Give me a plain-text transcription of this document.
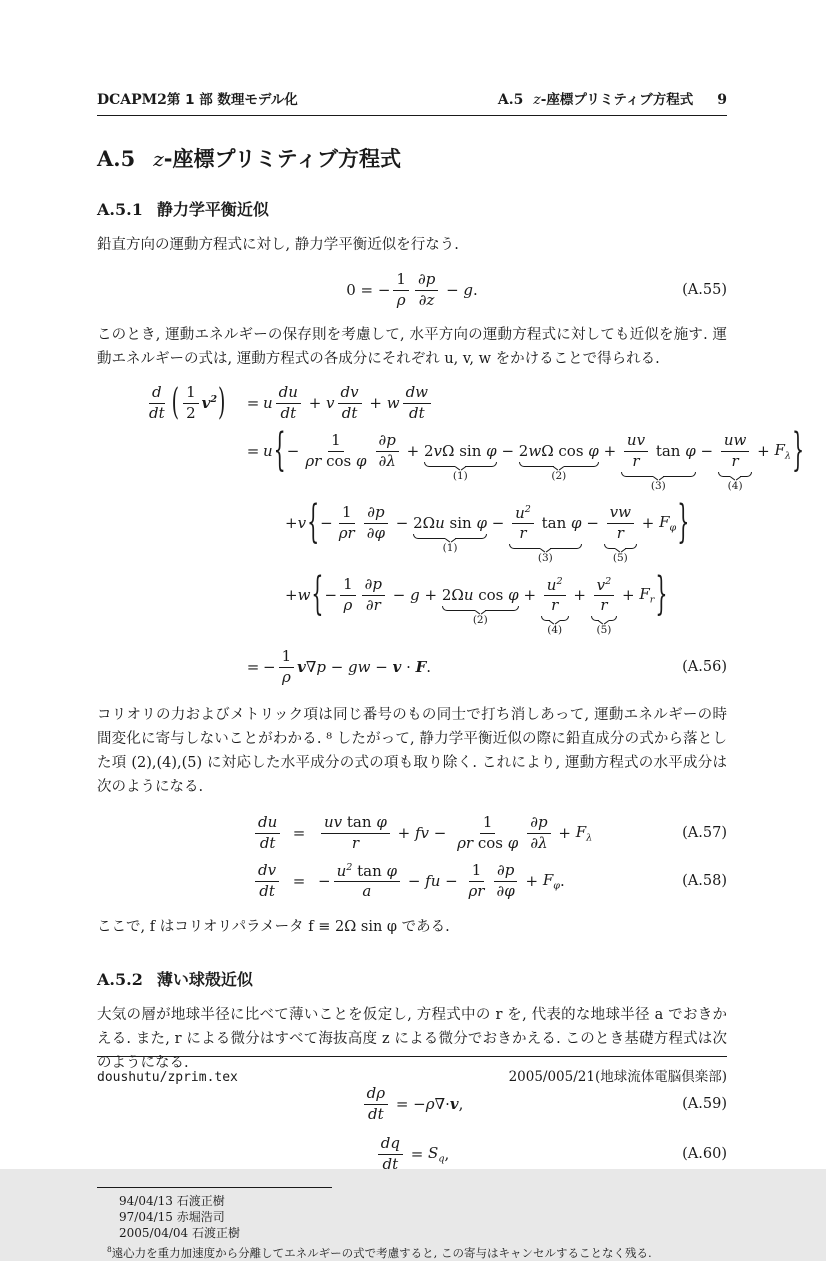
DCAPM2 第 1 部 数理モデル化	A.5 z -座標プリミティブ方程式 9
A.5 z-座標プリミティブ方程式
A.5.1 静力学平衡近似
鉛直方向の運動方程式に対し, 静力学平衡近似を行なう.
0 = − $\frac{1}{\rho} \frac{\partial p}{\partial z} - g$ .	(A.55)
このとき, 運動エネルギーの保存則を考慮して, 水平方向の運動方程式に対しても近似を施す. 運動エネルギーの式は, 運動方程式の各成分にそれぞれ u, v, w をかけることで得られる.
$\frac{d}{dt}$ ( $\frac{1}{2} v^2$ ) = u $\frac{du}{dt} + v \frac{dv}{dt} + w \frac{dw}{dt}$
= u { − $\frac{1}{\text{ρr cos φ}} \frac{\partial p}{\partial\lambda} + 2$ v Ω sin φ
(1)
− 2 w Ω cos φ
(2)
+ $\frac{uv}{r}$ tan φ
(3)
− $\frac{uw}{r}$
(4)
+ $F_\lambda$ }
+ v { − $\frac{1}{\rho r} \frac{\partial p}{\partial\varphi} - 2\Omega$ u sin φ
(1)
− $\frac{u^2}{r}$ tan φ
(3)
− $\frac{vw}{r}$
(5)
+ $F_\varphi$ }
+ w { − $\frac{1}{\rho} \frac{\partial p}{\partial r} - g + 2\Omega$ u cos φ
(2)
+ $\frac{u^2}{r}$
(4)
+ $\frac{v^2}{r}$
(5)
+ $F_r$ }
= − $\frac{1}{\rho}$ v ∇ p − gw − v · F .	(A.56)
コリオリの力およびメトリック項は同じ番号のもの同士で打ち消しあって, 運動エネルギーの時間変化に寄与しないことがわかる. ⁸ したがって, 静力学平衡近似の際に鉛直成分の式から落とした項 (2),(4),(5) に対応した水平成分の式の項も取り除く. これにより, 運動方程式の水平成分は次のようになる.
$\frac{du}{dt} = \frac{\text{uv tan φ}}{r}$ + fv − $\frac{1}{\text{ρr cos φ}} \frac{\partial p}{\partial\lambda} + F_\lambda$	(A.57)
$\frac{dv}{dt}$ = − $\frac{u^2 \tan \varphi}{a}$ − fu − $\frac{1}{\rho r} \frac{\partial p}{\partial\varphi} + F_\varphi$ .	(A.58)
ここで, f はコリオリパラメータ f ≡ 2Ω sin φ である.
A.5.2 薄い球殻近似
大気の層が地球半径に比べて薄いことを仮定し, 方程式中の r を, 代表的な地球半径 a でおきかえる. また, r による微分はすべて海抜高度 z による微分でおきかえる. このとき基礎方程式は次のようになる.
$\frac{d\rho}{dt}$ = − ρ ∇· v ,	(A.59)
$\frac{dq}{dt} = S_q$ ,	(A.60)
94/04/13 石渡正樹
97/04/15 赤堀浩司
2005/04/04 石渡正樹
$^8$遠心力を重力加速度から分離してエネルギーの式で考慮すると, この寄与はキャンセルすることなく残る.
doushutu/zprim.tex	2005/005/21(地球流体電脳倶楽部)
